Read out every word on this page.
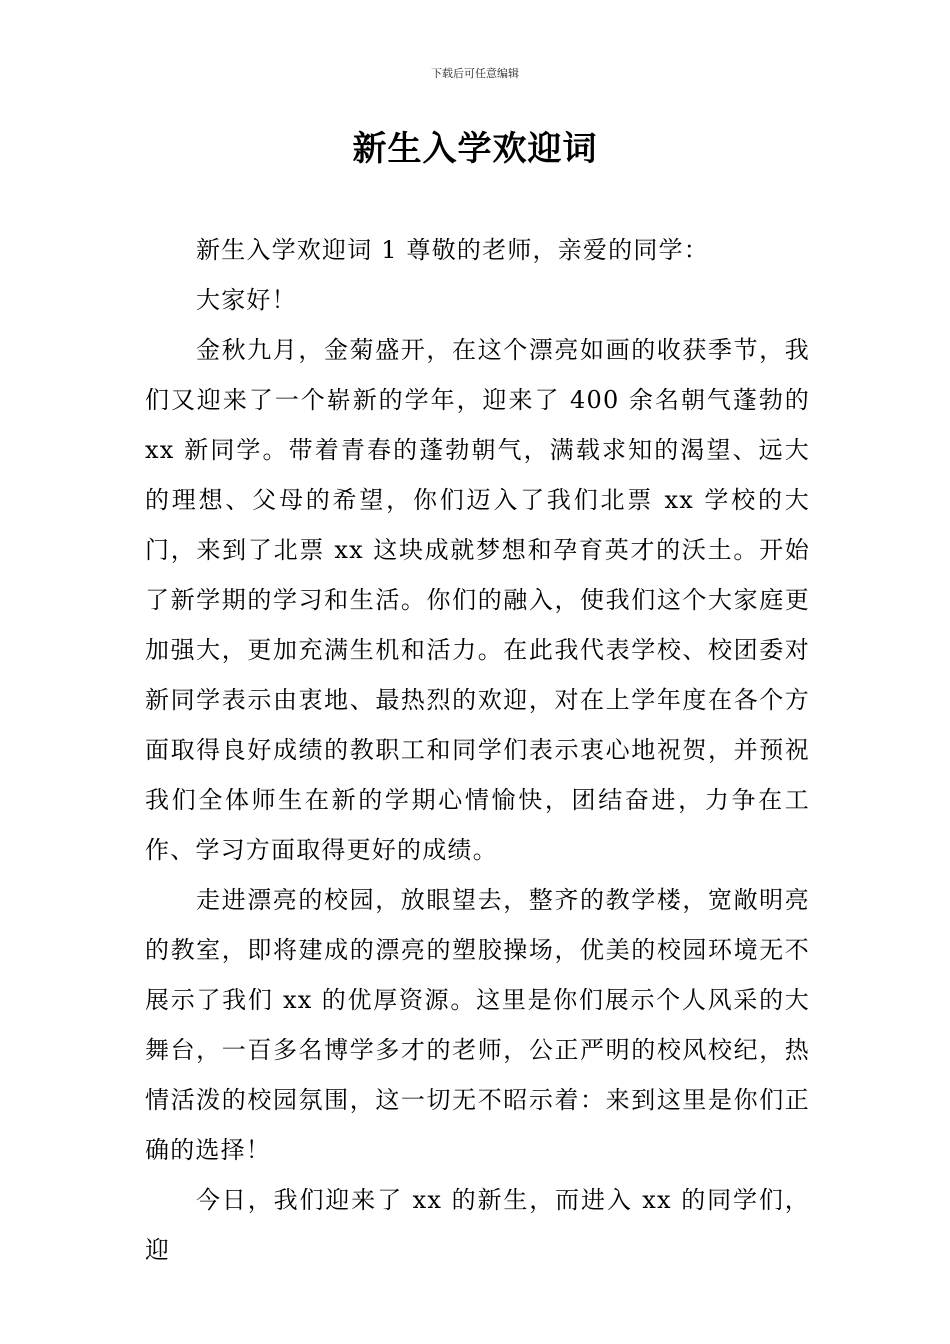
下载后可任意编辑
新生入学欢迎词

新生入学欢迎词 1 尊敬的老师，亲爱的同学：

大家好！

金秋九月，金菊盛开，在这个漂亮如画的收获季节，我们又迎来了一个崭新的学年，迎来了 400 余名朝气蓬勃的 xx 新同学。带着青春的蓬勃朝气，满载求知的渴望、远大的理想、父母的希望，你们迈入了我们北票 xx 学校的大门，来到了北票 xx 这块成就梦想和孕育英才的沃土。开始了新学期的学习和生活。你们的融入，使我们这个大家庭更加强大，更加充满生机和活力。在此我代表学校、校团委对新同学表示由衷地、最热烈的欢迎，对在上学年度在各个方面取得良好成绩的教职工和同学们表示衷心地祝贺，并预祝我们全体师生在新的学期心情愉快，团结奋进，力争在工作、学习方面取得更好的成绩。

走进漂亮的校园，放眼望去，整齐的教学楼，宽敞明亮的教室，即将建成的漂亮的塑胶操场，优美的校园环境无不展示了我们 xx 的优厚资源。这里是你们展示个人风采的大舞台，一百多名博学多才的老师，公正严明的校风校纪，热情活泼的校园氛围，这一切无不昭示着：来到这里是你们正确的选择！

今日，我们迎来了 xx 的新生，而进入 xx 的同学们，迎
